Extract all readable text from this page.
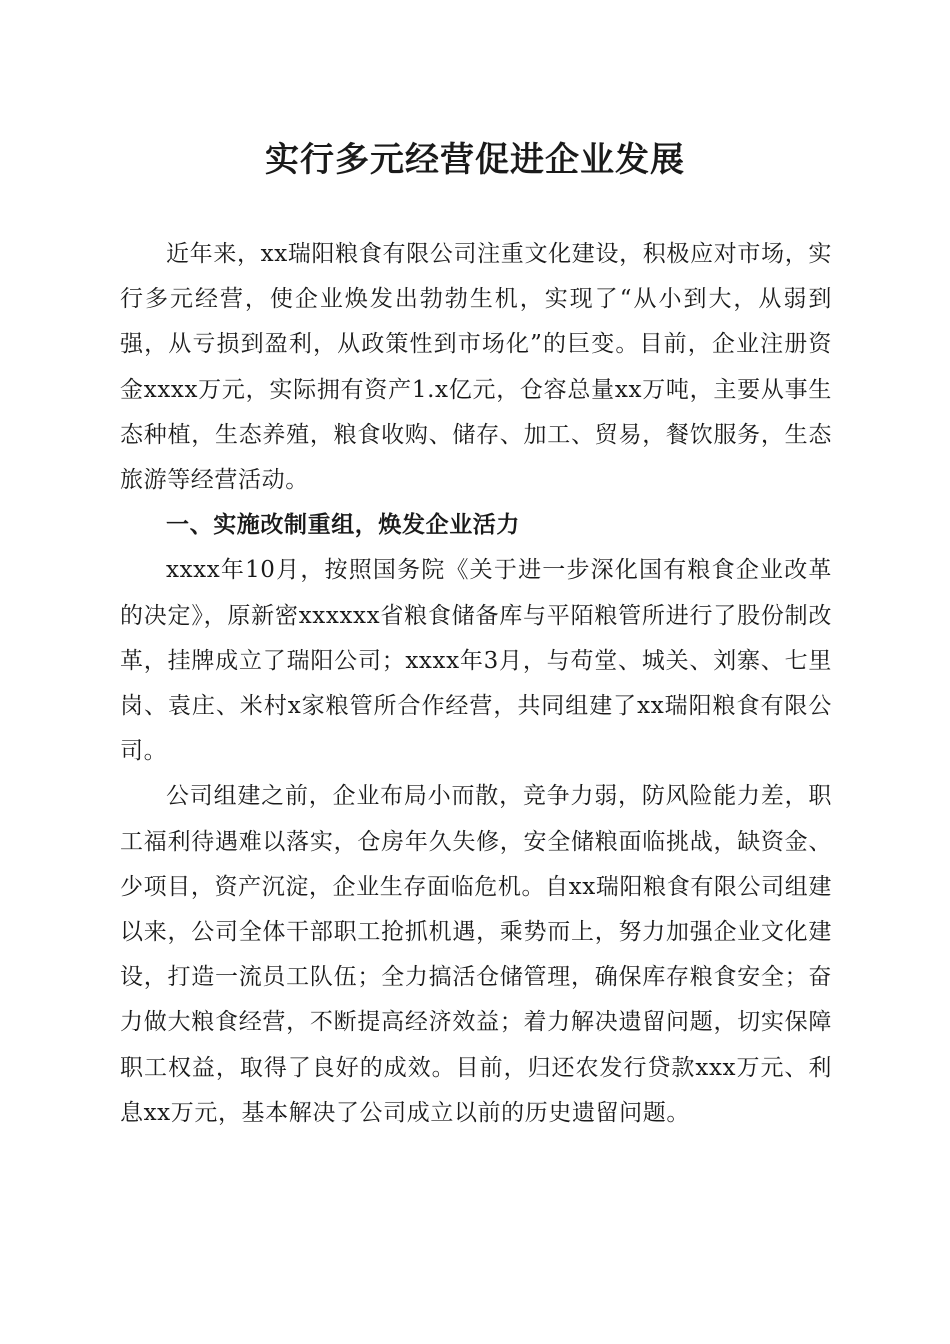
实行多元经营促进企业发展

近年来，xx瑞阳粮食有限公司注重文化建设，积极应对市场，实行多元经营，使企业焕发出勃勃生机，实现了“从小到大，从弱到强，从亏损到盈利，从政策性到市场化”的巨变。目前，企业注册资金xxxx万元，实际拥有资产1.x亿元，仓容总量xx万吨，主要从事生态种植，生态养殖，粮食收购、储存、加工、贸易，餐饮服务，生态旅游等经营活动。

一、实施改制重组，焕发企业活力

xxxx年10月，按照国务院《关于进一步深化国有粮食企业改革的决定》，原新密xxxxxx省粮食储备库与平陌粮管所进行了股份制改革，挂牌成立了瑞阳公司；xxxx年3月，与苟堂、城关、刘寨、七里岗、袁庄、米村x家粮管所合作经营，共同组建了xx瑞阳粮食有限公司。

公司组建之前，企业布局小而散，竞争力弱，防风险能力差，职工福利待遇难以落实，仓房年久失修，安全储粮面临挑战，缺资金、少项目，资产沉淀，企业生存面临危机。自xx瑞阳粮食有限公司组建以来，公司全体干部职工抢抓机遇，乘势而上，努力加强企业文化建设，打造一流员工队伍；全力搞活仓储管理，确保库存粮食安全；奋力做大粮食经营，不断提高经济效益；着力解决遗留问题，切实保障职工权益，取得了良好的成效。目前，归还农发行贷款xxx万元、利息xx万元，基本解决了公司成立以前的历史遗留问题。
